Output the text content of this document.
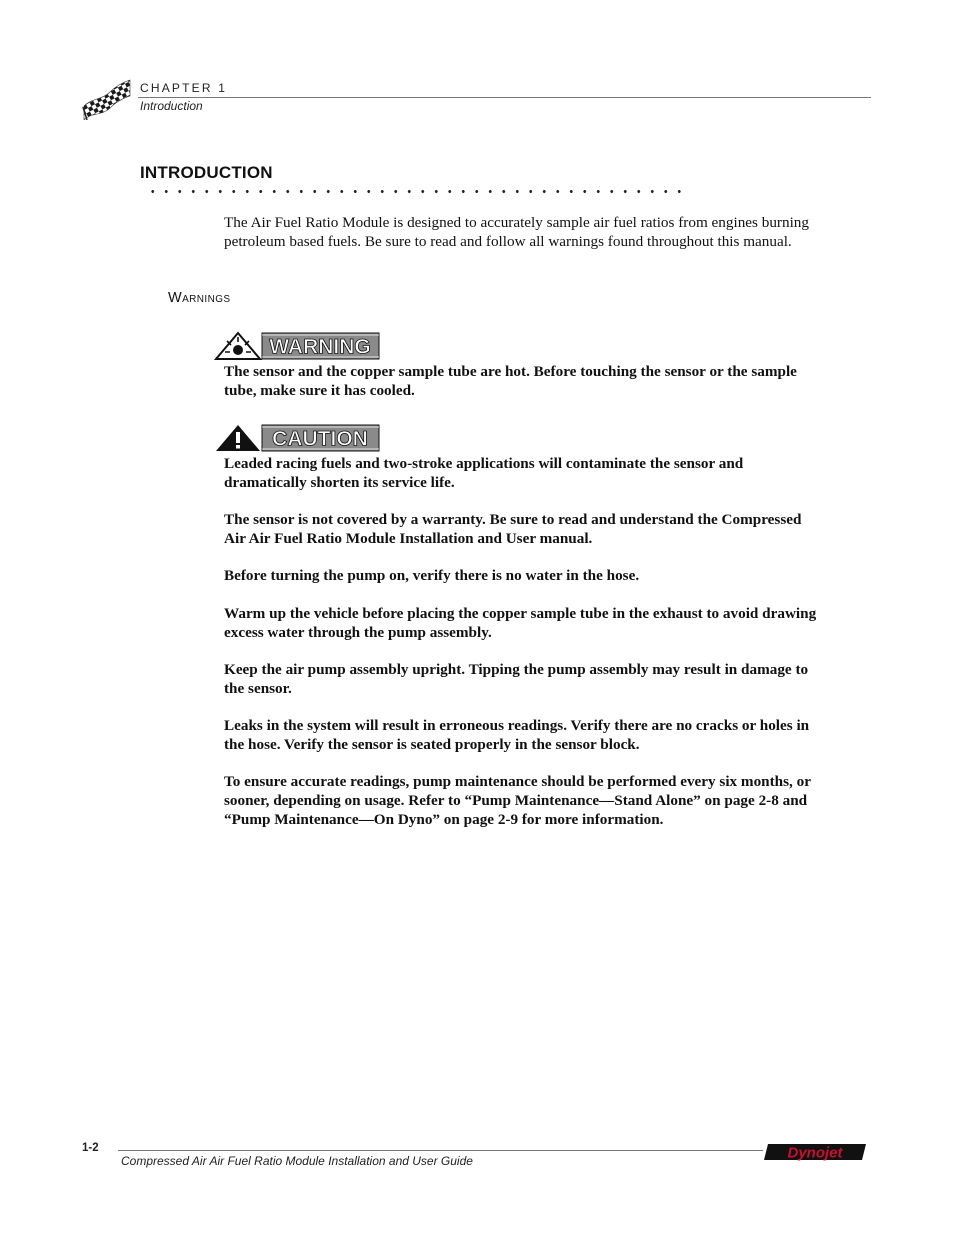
CHAPTER 1
Introduction
INTRODUCTION
The Air Fuel Ratio Module is designed to accurately sample air fuel ratios from engines burning petroleum based fuels. Be sure to read and follow all warnings found throughout this manual.
Warnings
WARNING
The sensor and the copper sample tube are hot. Before touching the sensor or the sample tube, make sure it has cooled.
CAUTION
Leaded racing fuels and two-stroke applications will contaminate the sensor and dramatically shorten its service life.
The sensor is not covered by a warranty. Be sure to read and understand the Compressed Air Air Fuel Ratio Module Installation and User manual.
Before turning the pump on, verify there is no water in the hose.
Warm up the vehicle before placing the copper sample tube in the exhaust to avoid drawing excess water through the pump assembly.
Keep the air pump assembly upright. Tipping the pump assembly may result in damage to the sensor.
Leaks in the system will result in erroneous readings. Verify there are no cracks or holes in the hose. Verify the sensor is seated properly in the sensor block.
To ensure accurate readings, pump maintenance should be performed every six months, or sooner, depending on usage. Refer to “Pump Maintenance—Stand Alone” on page 2-8 and “Pump Maintenance—On Dyno” on page 2-9 for more information.
1-2
Compressed Air Air Fuel Ratio Module Installation and User Guide	Dynojet
